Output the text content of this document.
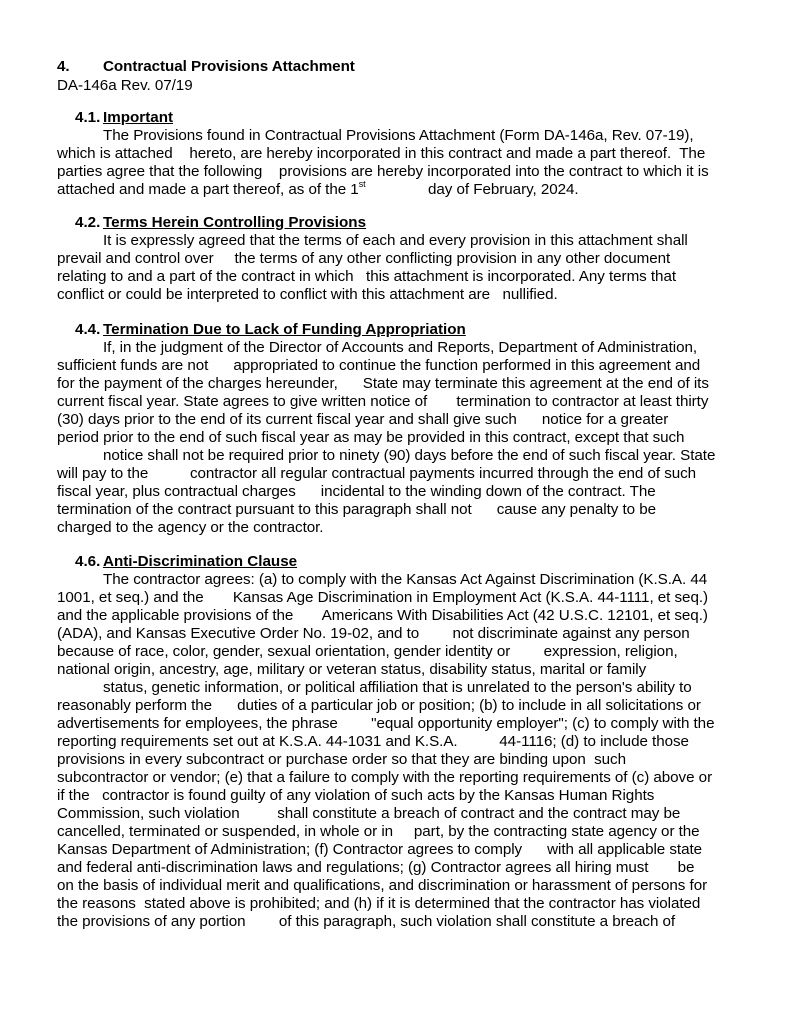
4. Contractual Provisions Attachment
DA-146a Rev. 07/19
4.1. Important
The Provisions found in Contractual Provisions Attachment (Form DA-146a, Rev. 07-19),
which is attached    hereto, are hereby incorporated in this contract and made a part thereof.  The
parties agree that the following    provisions are hereby incorporated into the contract to which it is
attached and made a part thereof, as of the 1st	day of February, 2024.
4.2. Terms Herein Controlling Provisions
It is expressly agreed that the terms of each and every provision in this attachment shall
prevail and control over     the terms of any other conflicting provision in any other document
relating to and a part of the contract in which   this attachment is incorporated. Any terms that
conflict or could be interpreted to conflict with this attachment are   nullified.
4.4. Termination Due to Lack of Funding Appropriation
If, in the judgment of the Director of Accounts and Reports, Department of Administration,
sufficient funds are not      appropriated to continue the function performed in this agreement and
for the payment of the charges hereunder,      State may terminate this agreement at the end of its
current fiscal year. State agrees to give written notice of       termination to contractor at least thirty
(30) days prior to the end of its current fiscal year and shall give such      notice for a greater
period prior to the end of such fiscal year as may be provided in this contract, except that such
notice shall not be required prior to ninety (90) days before the end of such fiscal year. State
will pay to the          contractor all regular contractual payments incurred through the end of such
fiscal year, plus contractual charges      incidental to the winding down of the contract. The
termination of the contract pursuant to this paragraph shall not      cause any penalty to be
charged to the agency or the contractor.
4.6. Anti-Discrimination Clause
The contractor agrees: (a) to comply with the Kansas Act Against Discrimination (K.S.A. 44
1001, et seq.) and the       Kansas Age Discrimination in Employment Act (K.S.A. 44-1111, et seq.)
and the applicable provisions of the       Americans With Disabilities Act (42 U.S.C. 12101, et seq.)
(ADA), and Kansas Executive Order No. 19-02, and to        not discriminate against any person
because of race, color, gender, sexual orientation, gender identity or        expression, religion,
national origin, ancestry, age, military or veteran status, disability status, marital or family
status, genetic information, or political affiliation that is unrelated to the person's ability to
reasonably perform the      duties of a particular job or position; (b) to include in all solicitations or
advertisements for employees, the phrase        "equal opportunity employer"; (c) to comply with the
reporting requirements set out at K.S.A. 44-1031 and K.S.A.          44-1116; (d) to include those
provisions in every subcontract or purchase order so that they are binding upon  such
subcontractor or vendor; (e) that a failure to comply with the reporting requirements of (c) above or
if the   contractor is found guilty of any violation of such acts by the Kansas Human Rights
Commission, such violation         shall constitute a breach of contract and the contract may be
cancelled, terminated or suspended, in whole or in     part, by the contracting state agency or the
Kansas Department of Administration; (f) Contractor agrees to comply      with all applicable state
and federal anti-discrimination laws and regulations; (g) Contractor agrees all hiring must       be
on the basis of individual merit and qualifications, and discrimination or harassment of persons for
the reasons  stated above is prohibited; and (h) if it is determined that the contractor has violated
the provisions of any portion        of this paragraph, such violation shall constitute a breach of
